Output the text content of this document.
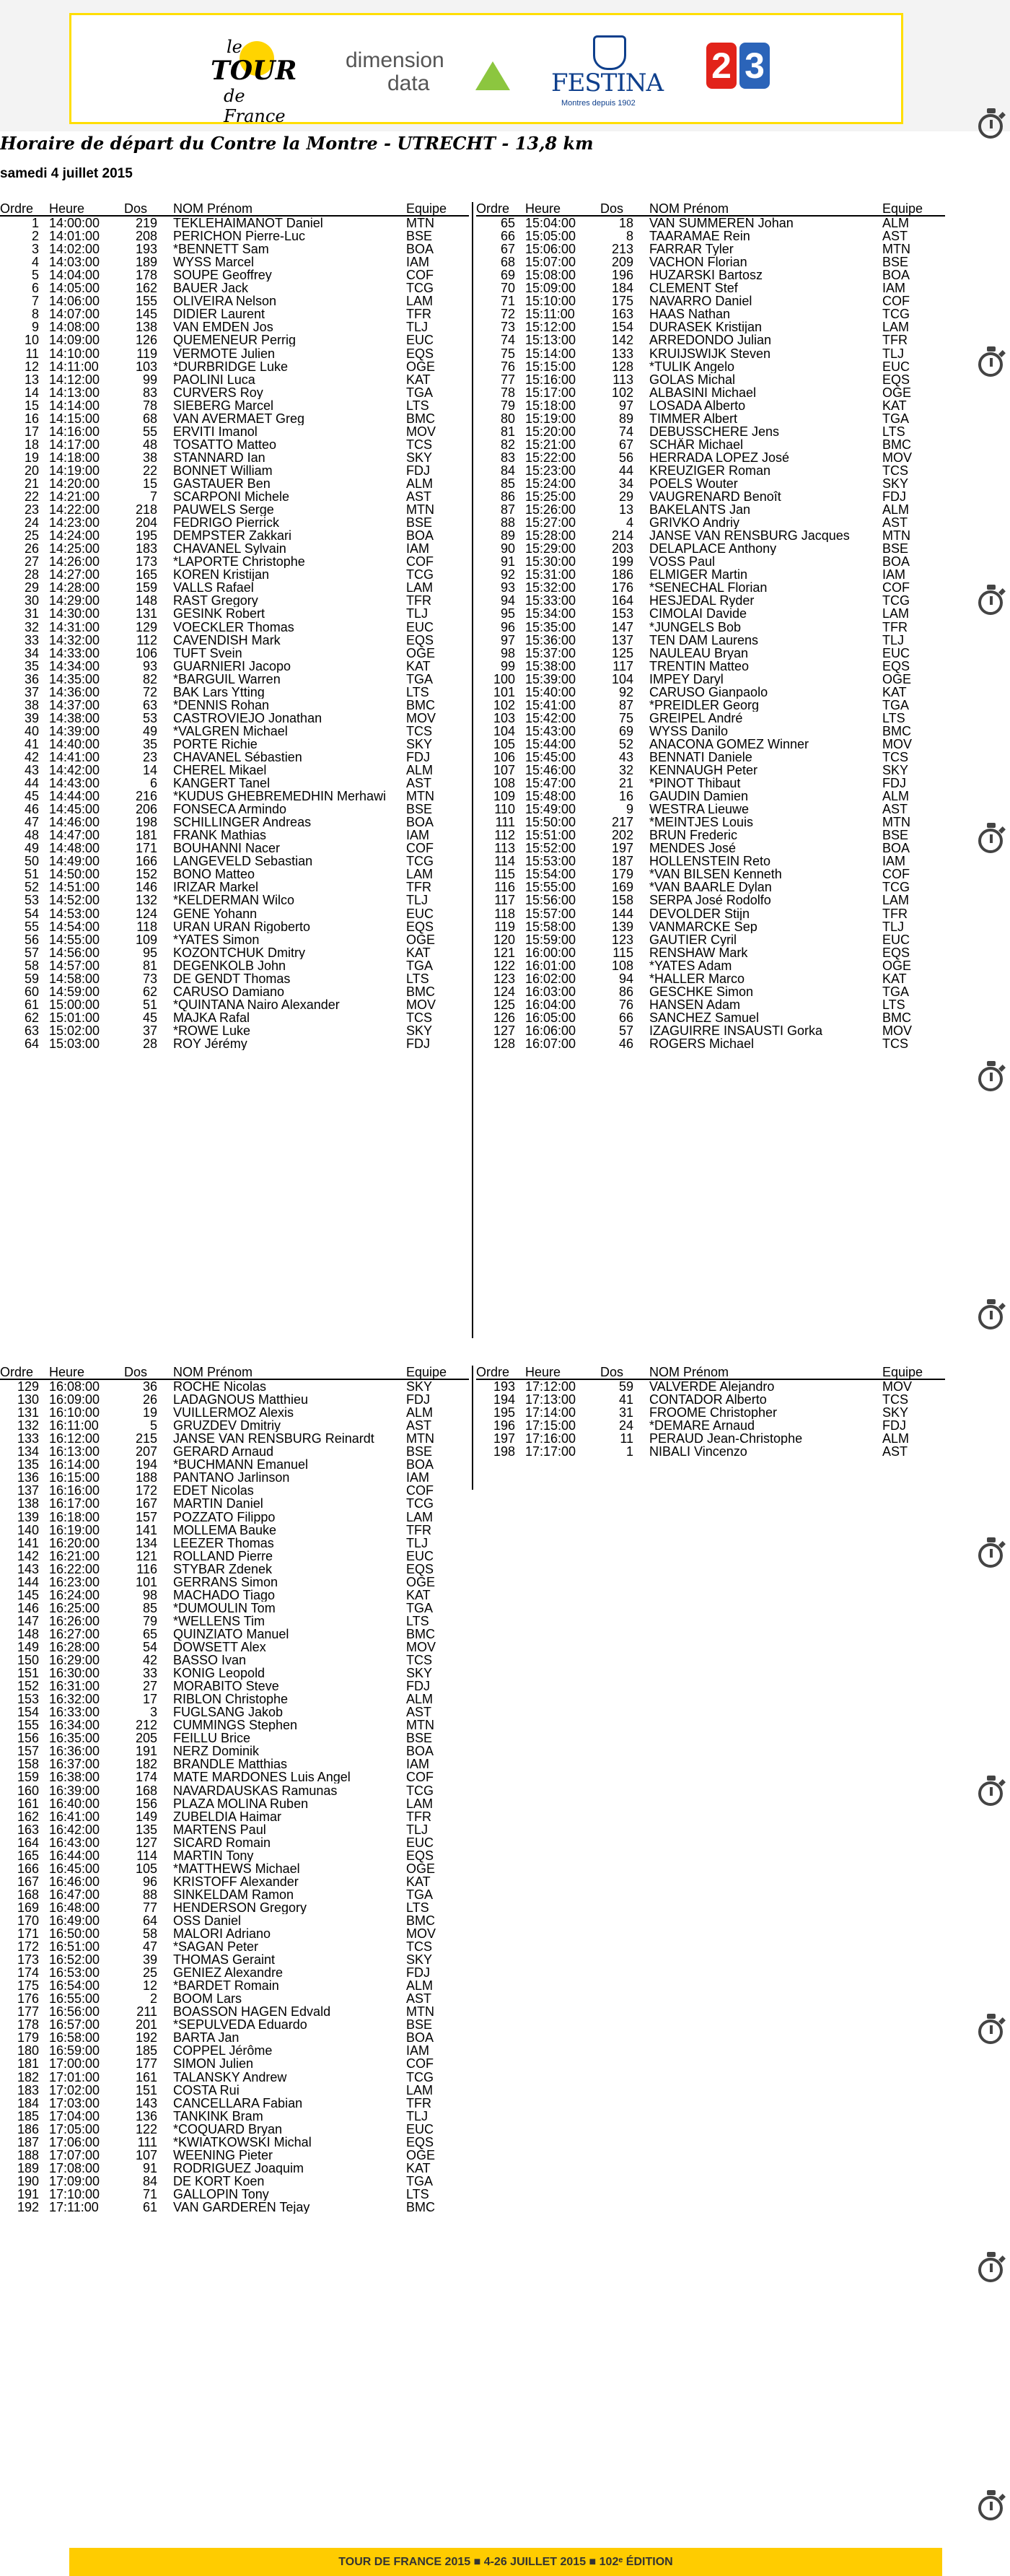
le
TOUR
de France
dimension
data	FESTINA
Montres depuis 1902
2 3
Horaire de départ du Contre la Montre - UTRECHT - 13,8 km
samedi 4 juillet 2015
Ordre Heure	Dos NOM Prénom	Equipe
1 14:00:00	219 TEKLEHAIMANOT Daniel	MTN
2 14:01:00	208 PERICHON Pierre-Luc	BSE
3 14:02:00	193 *BENNETT Sam	BOA
4 14:03:00	189 WYSS Marcel	IAM
5 14:04:00	178 SOUPE Geoffrey	COF
6 14:05:00	162 BAUER Jack	TCG
7 14:06:00	155 OLIVEIRA Nelson	LAM
8 14:07:00	145 DIDIER Laurent	TFR
9 14:08:00	138 VAN EMDEN Jos	TLJ
10 14:09:00	126 QUEMENEUR Perrig	EUC
11 14:10:00	119 VERMOTE Julien	EQS
12 14:11:00	103 *DURBRIDGE Luke	OGE
13 14:12:00	99 PAOLINI Luca	KAT
14 14:13:00	83 CURVERS Roy	TGA
15 14:14:00	78 SIEBERG Marcel	LTS
16 14:15:00	68 VAN AVERMAET Greg	BMC
17 14:16:00	55 ERVITI Imanol	MOV
18 14:17:00	48 TOSATTO Matteo	TCS
19 14:18:00	38 STANNARD Ian	SKY
20 14:19:00	22 BONNET William	FDJ
21 14:20:00	15 GASTAUER Ben	ALM
22 14:21:00	7 SCARPONI Michele	AST
23 14:22:00	218 PAUWELS Serge	MTN
24 14:23:00	204 FEDRIGO Pierrick	BSE
25 14:24:00	195 DEMPSTER Zakkari	BOA
26 14:25:00	183 CHAVANEL Sylvain	IAM
27 14:26:00	173 *LAPORTE Christophe	COF
28 14:27:00	165 KOREN Kristijan	TCG
29 14:28:00	159 VALLS Rafael	LAM
30 14:29:00	148 RAST Gregory	TFR
31 14:30:00	131 GESINK Robert	TLJ
32 14:31:00	129 VOECKLER Thomas	EUC
33 14:32:00	112 CAVENDISH Mark	EQS
34 14:33:00	106 TUFT Svein	OGE
35 14:34:00	93 GUARNIERI Jacopo	KAT
36 14:35:00	82 *BARGUIL Warren	TGA
37 14:36:00	72 BAK Lars Ytting	LTS
38 14:37:00	63 *DENNIS Rohan	BMC
39 14:38:00	53 CASTROVIEJO Jonathan	MOV
40 14:39:00	49 *VALGREN Michael	TCS
41 14:40:00	35 PORTE Richie	SKY
42 14:41:00	23 CHAVANEL Sébastien	FDJ
43 14:42:00	14 CHEREL Mikael	ALM
44 14:43:00	6 KANGERT Tanel	AST
45 14:44:00	216 *KUDUS GHEBREMEDHIN Merhawi	MTN
46 14:45:00	206 FONSECA Armindo	BSE
47 14:46:00	198 SCHILLINGER Andreas	BOA
48 14:47:00	181 FRANK Mathias	IAM
49 14:48:00	171 BOUHANNI Nacer	COF
50 14:49:00	166 LANGEVELD Sebastian	TCG
51 14:50:00	152 BONO Matteo	LAM
52 14:51:00	146 IRIZAR Markel	TFR
53 14:52:00	132 *KELDERMAN Wilco	TLJ
54 14:53:00	124 GENE Yohann	EUC
55 14:54:00	118 URAN URAN Rigoberto	EQS
56 14:55:00	109 *YATES Simon	OGE
57 14:56:00	95 KOZONTCHUK Dmitry	KAT
58 14:57:00	81 DEGENKOLB John	TGA
59 14:58:00	73 DE GENDT Thomas	LTS
60 14:59:00	62 CARUSO Damiano	BMC
61 15:00:00	51 *QUINTANA Nairo Alexander	MOV
62 15:01:00	45 MAJKA Rafal	TCS
63 15:02:00	37 *ROWE Luke	SKY
64 15:03:00	28 ROY Jérémy	FDJ
Ordre Heure	Dos NOM Prénom	Equipe
65 15:04:00	18 VAN SUMMEREN Johan	ALM
66 15:05:00	8 TAARAMAE Rein	AST
67 15:06:00	213 FARRAR Tyler	MTN
68 15:07:00	209 VACHON Florian	BSE
69 15:08:00	196 HUZARSKI Bartosz	BOA
70 15:09:00	184 CLEMENT Stef	IAM
71 15:10:00	175 NAVARRO Daniel	COF
72 15:11:00	163 HAAS Nathan	TCG
73 15:12:00	154 DURASEK Kristijan	LAM
74 15:13:00	142 ARREDONDO Julian	TFR
75 15:14:00	133 KRUIJSWIJK Steven	TLJ
76 15:15:00	128 *TULIK Angelo	EUC
77 15:16:00	113 GOLAS Michal	EQS
78 15:17:00	102 ALBASINI Michael	OGE
79 15:18:00	97 LOSADA Alberto	KAT
80 15:19:00	89 TIMMER Albert	TGA
81 15:20:00	74 DEBUSSCHERE Jens	LTS
82 15:21:00	67 SCHÄR Michael	BMC
83 15:22:00	56 HERRADA LOPEZ José	MOV
84 15:23:00	44 KREUZIGER Roman	TCS
85 15:24:00	34 POELS Wouter	SKY
86 15:25:00	29 VAUGRENARD Benoît	FDJ
87 15:26:00	13 BAKELANTS Jan	ALM
88 15:27:00	4 GRIVKO Andriy	AST
89 15:28:00	214 JANSE VAN RENSBURG Jacques	MTN
90 15:29:00	203 DELAPLACE Anthony	BSE
91 15:30:00	199 VOSS Paul	BOA
92 15:31:00	186 ELMIGER Martin	IAM
93 15:32:00	176 *SENECHAL Florian	COF
94 15:33:00	164 HESJEDAL Ryder	TCG
95 15:34:00	153 CIMOLAI Davide	LAM
96 15:35:00	147 *JUNGELS Bob	TFR
97 15:36:00	137 TEN DAM Laurens	TLJ
98 15:37:00	125 NAULEAU Bryan	EUC
99 15:38:00	117 TRENTIN Matteo	EQS
100 15:39:00	104 IMPEY Daryl	OGE
101 15:40:00	92 CARUSO Gianpaolo	KAT
102 15:41:00	87 *PREIDLER Georg	TGA
103 15:42:00	75 GREIPEL André	LTS
104 15:43:00	69 WYSS Danilo	BMC
105 15:44:00	52 ANACONA GOMEZ Winner	MOV
106 15:45:00	43 BENNATI Daniele	TCS
107 15:46:00	32 KENNAUGH Peter	SKY
108 15:47:00	21 *PINOT Thibaut	FDJ
109 15:48:00	16 GAUDIN Damien	ALM
110 15:49:00	9 WESTRA Lieuwe	AST
111 15:50:00	217 *MEINTJES Louis	MTN
112 15:51:00	202 BRUN Frederic	BSE
113 15:52:00	197 MENDES José	BOA
114 15:53:00	187 HOLLENSTEIN Reto	IAM
115 15:54:00	179 *VAN BILSEN Kenneth	COF
116 15:55:00	169 *VAN BAARLE Dylan	TCG
117 15:56:00	158 SERPA José Rodolfo	LAM
118 15:57:00	144 DEVOLDER Stijn	TFR
119 15:58:00	139 VANMARCKE Sep	TLJ
120 15:59:00	123 GAUTIER Cyril	EUC
121 16:00:00	115 RENSHAW Mark	EQS
122 16:01:00	108 *YATES Adam	OGE
123 16:02:00	94 *HALLER Marco	KAT
124 16:03:00	86 GESCHKE Simon	TGA
125 16:04:00	76 HANSEN Adam	LTS
126 16:05:00	66 SANCHEZ Samuel	BMC
127 16:06:00	57 IZAGUIRRE INSAUSTI Gorka	MOV
128 16:07:00	46 ROGERS Michael	TCS
Ordre Heure	Dos NOM Prénom	Equipe
129 16:08:00	36 ROCHE Nicolas	SKY
130 16:09:00	26 LADAGNOUS Matthieu	FDJ
131 16:10:00	19 VUILLERMOZ Alexis	ALM
132 16:11:00	5 GRUZDEV Dmitriy	AST
133 16:12:00	215 JANSE VAN RENSBURG Reinardt	MTN
134 16:13:00	207 GERARD Arnaud	BSE
135 16:14:00	194 *BUCHMANN Emanuel	BOA
136 16:15:00	188 PANTANO Jarlinson	IAM
137 16:16:00	172 EDET Nicolas	COF
138 16:17:00	167 MARTIN Daniel	TCG
139 16:18:00	157 POZZATO Filippo	LAM
140 16:19:00	141 MOLLEMA Bauke	TFR
141 16:20:00	134 LEEZER Thomas	TLJ
142 16:21:00	121 ROLLAND Pierre	EUC
143 16:22:00	116 STYBAR Zdenek	EQS
144 16:23:00	101 GERRANS Simon	OGE
145 16:24:00	98 MACHADO Tiago	KAT
146 16:25:00	85 *DUMOULIN Tom	TGA
147 16:26:00	79 *WELLENS Tim	LTS
148 16:27:00	65 QUINZIATO Manuel	BMC
149 16:28:00	54 DOWSETT Alex	MOV
150 16:29:00	42 BASSO Ivan	TCS
151 16:30:00	33 KONIG Leopold	SKY
152 16:31:00	27 MORABITO Steve	FDJ
153 16:32:00	17 RIBLON Christophe	ALM
154 16:33:00	3 FUGLSANG Jakob	AST
155 16:34:00	212 CUMMINGS Stephen	MTN
156 16:35:00	205 FEILLU Brice	BSE
157 16:36:00	191 NERZ Dominik	BOA
158 16:37:00	182 BRANDLE Matthias	IAM
159 16:38:00	174 MATE MARDONES Luis Angel	COF
160 16:39:00	168 NAVARDAUSKAS Ramunas	TCG
161 16:40:00	156 PLAZA MOLINA Ruben	LAM
162 16:41:00	149 ZUBELDIA Haimar	TFR
163 16:42:00	135 MARTENS Paul	TLJ
164 16:43:00	127 SICARD Romain	EUC
165 16:44:00	114 MARTIN Tony	EQS
166 16:45:00	105 *MATTHEWS Michael	OGE
167 16:46:00	96 KRISTOFF Alexander	KAT
168 16:47:00	88 SINKELDAM Ramon	TGA
169 16:48:00	77 HENDERSON Gregory	LTS
170 16:49:00	64 OSS Daniel	BMC
171 16:50:00	58 MALORI Adriano	MOV
172 16:51:00	47 *SAGAN Peter	TCS
173 16:52:00	39 THOMAS Geraint	SKY
174 16:53:00	25 GENIEZ Alexandre	FDJ
175 16:54:00	12 *BARDET Romain	ALM
176 16:55:00	2 BOOM Lars	AST
177 16:56:00	211 BOASSON HAGEN Edvald	MTN
178 16:57:00	201 *SEPULVEDA Eduardo	BSE
179 16:58:00	192 BARTA Jan	BOA
180 16:59:00	185 COPPEL Jérôme	IAM
181 17:00:00	177 SIMON Julien	COF
182 17:01:00	161 TALANSKY Andrew	TCG
183 17:02:00	151 COSTA Rui	LAM
184 17:03:00	143 CANCELLARA Fabian	TFR
185 17:04:00	136 TANKINK Bram	TLJ
186 17:05:00	122 *COQUARD Bryan	EUC
187 17:06:00	111 *KWIATKOWSKI Michal	EQS
188 17:07:00	107 WEENING Pieter	OGE
189 17:08:00	91 RODRIGUEZ Joaquim	KAT
190 17:09:00	84 DE KORT Koen	TGA
191 17:10:00	71 GALLOPIN Tony	LTS
192 17:11:00	61 VAN GARDEREN Tejay	BMC
Ordre Heure	Dos NOM Prénom	Equipe
193 17:12:00	59 VALVERDE Alejandro	MOV
194 17:13:00	41 CONTADOR Alberto	TCS
195 17:14:00	31 FROOME Christopher	SKY
196 17:15:00	24 *DEMARE Arnaud	FDJ
197 17:16:00	11 PERAUD Jean-Christophe	ALM
198 17:17:00	1 NIBALI Vincenzo	AST
TOUR DE FRANCE 2015 ■ 4-26 JUILLET 2015 ■ 102ᵉ ÉDITION
